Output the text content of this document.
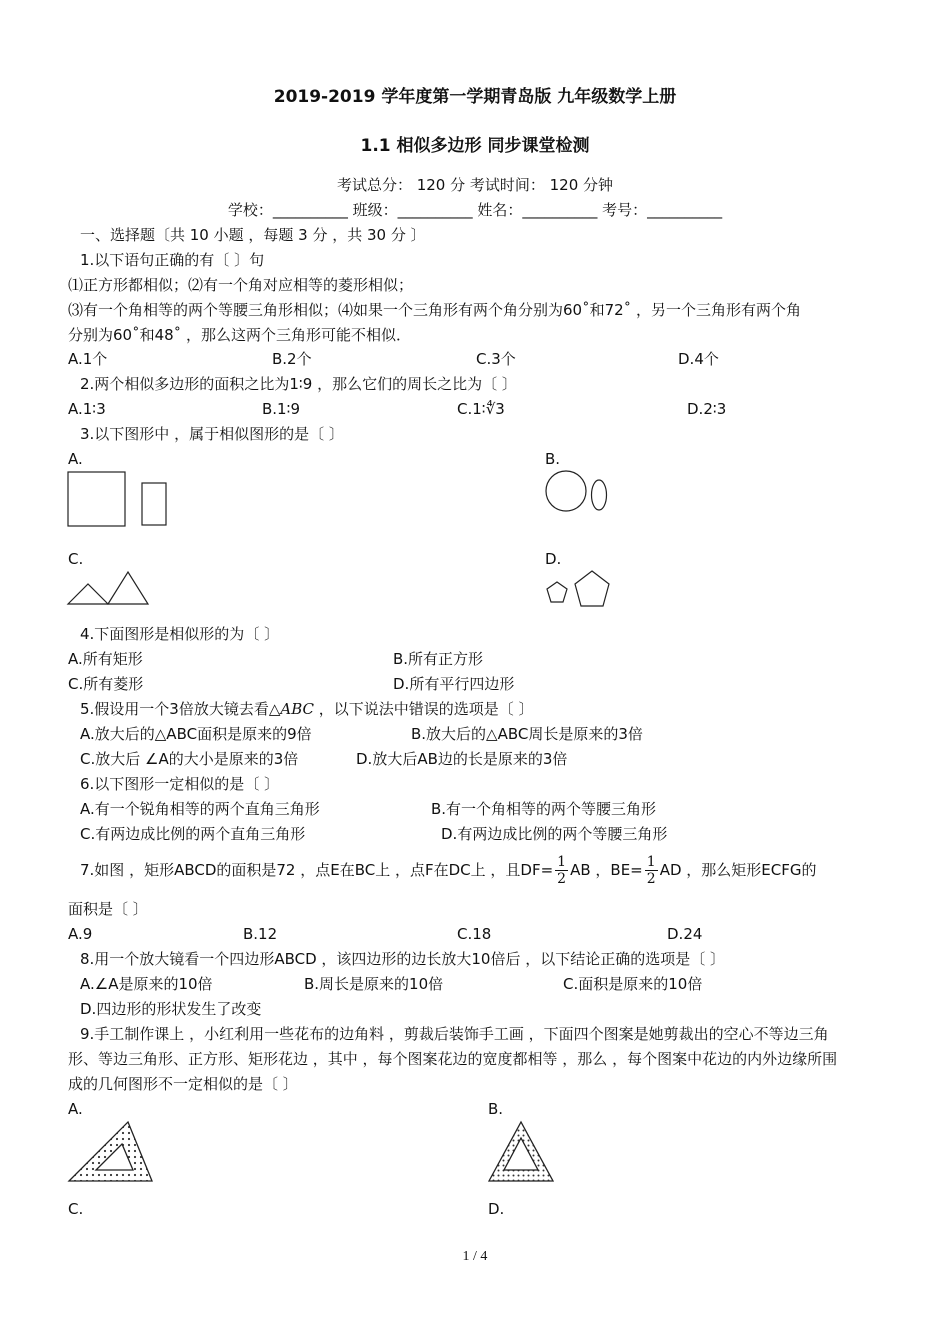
2019-2019 学年度第一学期青岛版 九年级数学上册
1.1 相似多边形 同步课堂检测
考试总分： 120 分 考试时间： 120 分钟
学校：__________ 班级：__________ 姓名：__________ 考号：__________
一、选择题〔共 10 小题 ，每题 3 分 ，共 30 分 〕
1.以下语句正确的有〔 〕句
⑴正方形都相似；⑵有一个角对应相等的菱形相似；
⑶有一个角相等的两个等腰三角形相似；⑷如果一个三角形有两个角分别为60˚和72˚ ，另一个三角形有两个角
分别为60˚和48˚ ，那么这两个三角形可能不相似．
A.1个	B.2个	C.3个	D.4个
2.两个相似多边形的面积之比为1∶9 ，那么它们的周长之比为〔 〕
A.1∶3	B.1∶9	C.1∶∜3	D.2∶3
3.以下图形中 ，属于相似图形的是〔 〕
A.	B.
C.	D.
4.下面图形是相似形的为〔 〕
A.所有矩形	B.所有正方形
C.所有菱形	D.所有平行四边形
5.假设用一个3倍放大镜去看△ABC ，以下说法中错误的选项是〔 〕
A.放大后的△ABC面积是原来的9倍	B.放大后的△ABC周长是原来的3倍
C.放大后 ∠A的大小是原来的3倍	D.放大后AB边的长是原来的3倍
6.以下图形一定相似的是〔 〕
A.有一个锐角相等的两个直角三角形	B.有一个角相等的两个等腰三角形
C.有两边成比例的两个直角三角形	D.有两边成比例的两个等腰三角形
7.如图 ，矩形ABCD的面积是72 ，点E在BC上 ，点F在DC上 ，且$DF= \frac{1}{2}$ AB ，$BE= \frac{1}{2}$ AD ，那么矩形ECFG的
面积是〔 〕
A.9	B.12	C.18	D.24
8.用一个放大镜看一个四边形ABCD ，该四边形的边长放大10倍后 ，以下结论正确的选项是〔 〕
A.∠A是原来的10倍	B.周长是原来的10倍	C.面积是原来的10倍
D.四边形的形状发生了改变
9.手工制作课上 ，小红利用一些花布的边角料 ，剪裁后装饰手工画 ，下面四个图案是她剪裁出的空心不等边三角
形、等边三角形、正方形、矩形花边 ，其中 ，每个图案花边的宽度都相等 ，那么 ，每个图案中花边的内外边缘所围
成的几何图形不一定相似的是〔 〕
A.	B.
C.	D.
1 / 4
